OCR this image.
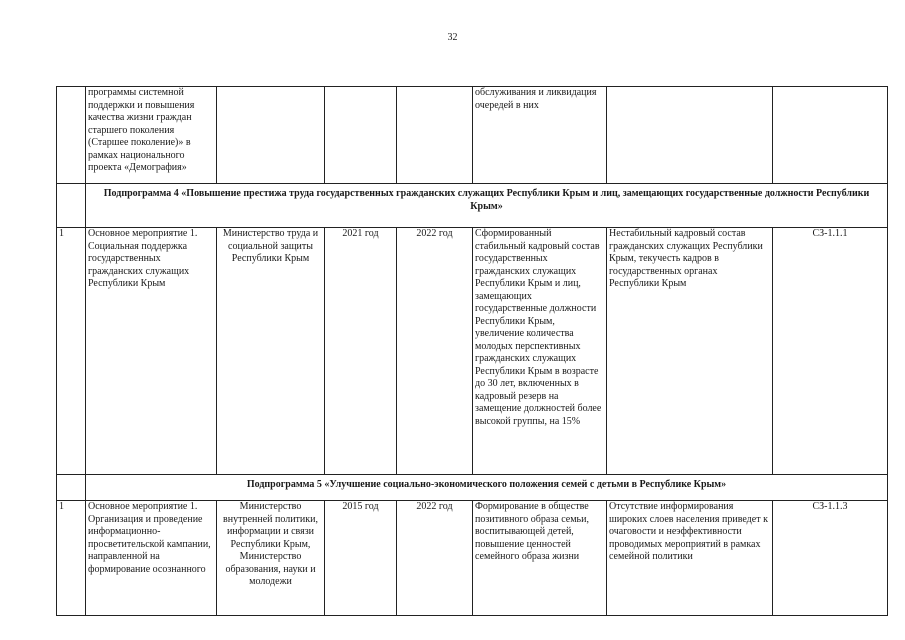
32
	программы системной поддержки и повышения качества жизни граждан старшего поколения (Старшее поколение)» в рамках национального проекта «Демография»				обслуживания и ликвидация очередей в них		
	Подпрограмма 4 «Повышение престижа труда государственных гражданских служащих Республики Крым и лиц, замещающих государственные должности Республики Крым»						
1	Основное мероприятие 1. Социальная поддержка государственных гражданских служащих Республики Крым	Министерство труда и социальной защиты Республики Крым	2021 год	2022 год	Сформированный стабильный кадровый состав государственных гражданских служащих Республики Крым и лиц, замещающих государственные должности Республики Крым, увеличение количества молодых перспективных гражданских служащих Республики Крым в возрасте до 30 лет, включенных в кадровый резерв на замещение должностей более высокой группы, на 15%	Нестабильный кадровый состав гражданских служащих Республики Крым, текучесть кадров в государственных органах Республики Крым	СЗ-1.1.1
	Подпрограмма 5 «Улучшение социально-экономического положения семей с детьми в Республике Крым»						
1	Основное мероприятие 1. Организация и проведение информационно-просветительской кампании, направленной на формирование осознанного	Министерство внутренней политики, информации и связи Республики Крым, Министерство образования, науки и молодежи	2015 год	2022 год	Формирование в обществе позитивного образа семьи, воспитывающей детей, повышение ценностей семейного образа жизни	Отсутствие информирования широких слоев населения приведет к очаговости и неэффективности проводимых мероприятий в рамках семейной политики	СЗ-1.1.3
